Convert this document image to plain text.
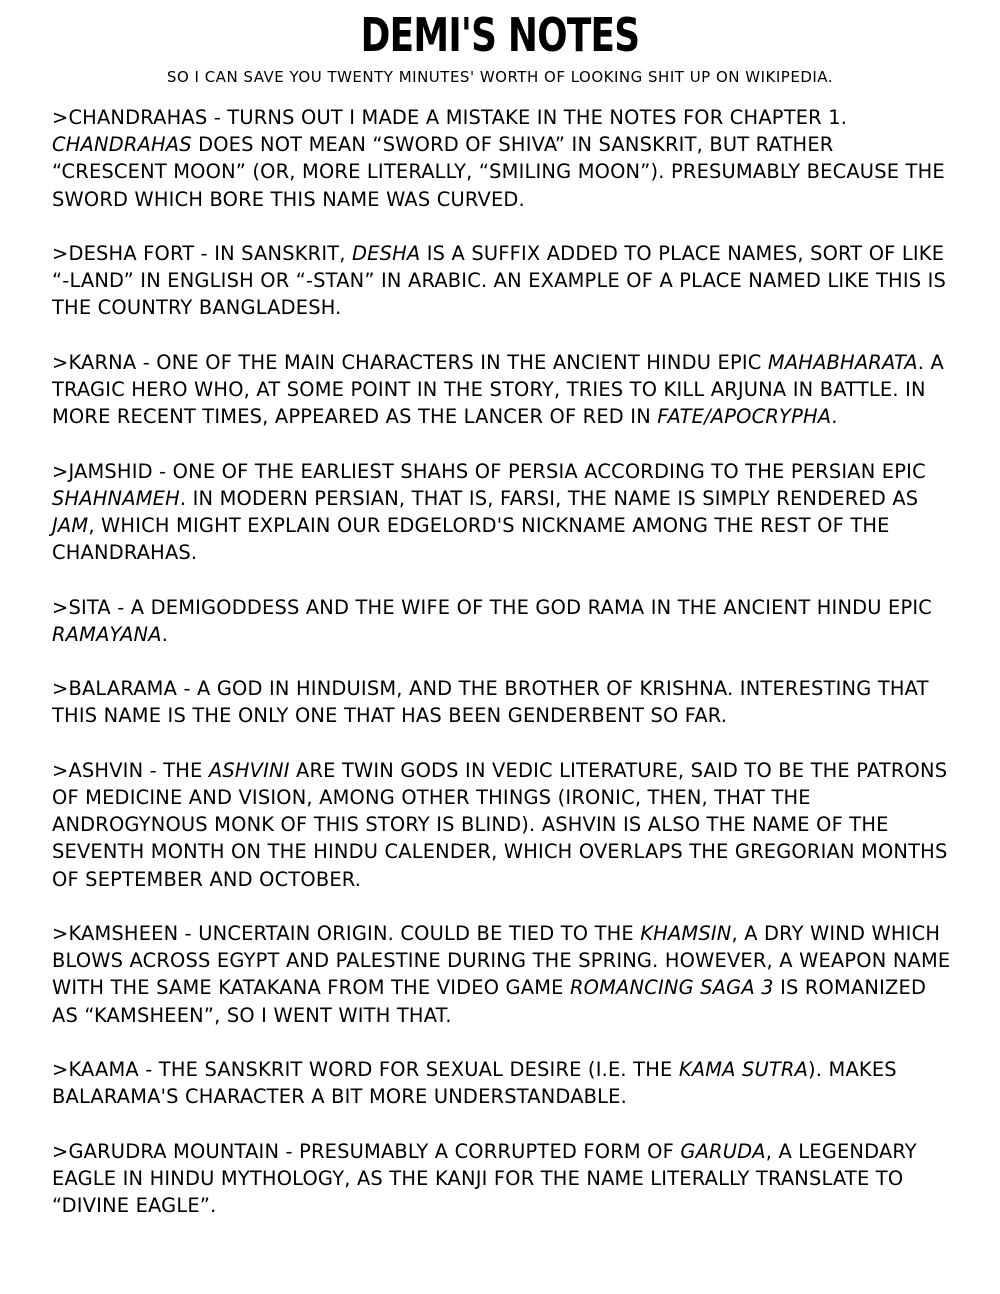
DEMI'S NOTES
SO I CAN SAVE YOU TWENTY MINUTES' WORTH OF LOOKING SHIT UP ON WIKIPEDIA.

>CHANDRAHAS - TURNS OUT I MADE A MISTAKE IN THE NOTES FOR CHAPTER 1. CHANDRAHAS DOES NOT MEAN “SWORD OF SHIVA” IN SANSKRIT, BUT RATHER “CRESCENT MOON” (OR, MORE LITERALLY, “SMILING MOON”). PRESUMABLY BECAUSE THE SWORD WHICH BORE THIS NAME WAS CURVED.

>DESHA FORT - IN SANSKRIT, DESHA IS A SUFFIX ADDED TO PLACE NAMES, SORT OF LIKE “-LAND” IN ENGLISH OR “-STAN” IN ARABIC. AN EXAMPLE OF A PLACE NAMED LIKE THIS IS THE COUNTRY BANGLADESH.

>KARNA - ONE OF THE MAIN CHARACTERS IN THE ANCIENT HINDU EPIC MAHABHARATA. A TRAGIC HERO WHO, AT SOME POINT IN THE STORY, TRIES TO KILL ARJUNA IN BATTLE. IN MORE RECENT TIMES, APPEARED AS THE LANCER OF RED IN FATE/APOCRYPHA.

>JAMSHID - ONE OF THE EARLIEST SHAHS OF PERSIA ACCORDING TO THE PERSIAN EPIC SHAHNAMEH. IN MODERN PERSIAN, THAT IS, FARSI, THE NAME IS SIMPLY RENDERED AS JAM, WHICH MIGHT EXPLAIN OUR EDGELORD'S NICKNAME AMONG THE REST OF THE CHANDRAHAS.

>SITA - A DEMIGODDESS AND THE WIFE OF THE GOD RAMA IN THE ANCIENT HINDU EPIC RAMAYANA.

>BALARAMA - A GOD IN HINDUISM, AND THE BROTHER OF KRISHNA. INTERESTING THAT THIS NAME IS THE ONLY ONE THAT HAS BEEN GENDERBENT SO FAR.

>ASHVIN - THE ASHVINI ARE TWIN GODS IN VEDIC LITERATURE, SAID TO BE THE PATRONS OF MEDICINE AND VISION, AMONG OTHER THINGS (IRONIC, THEN, THAT THE ANDROGYNOUS MONK OF THIS STORY IS BLIND). ASHVIN IS ALSO THE NAME OF THE SEVENTH MONTH ON THE HINDU CALENDER, WHICH OVERLAPS THE GREGORIAN MONTHS OF SEPTEMBER AND OCTOBER.

>KAMSHEEN - UNCERTAIN ORIGIN. COULD BE TIED TO THE KHAMSIN, A DRY WIND WHICH BLOWS ACROSS EGYPT AND PALESTINE DURING THE SPRING. HOWEVER, A WEAPON NAME WITH THE SAME KATAKANA FROM THE VIDEO GAME ROMANCING SAGA 3 IS ROMANIZED AS “KAMSHEEN”, SO I WENT WITH THAT.

>KAAMA - THE SANSKRIT WORD FOR SEXUAL DESIRE (I.E. THE KAMA SUTRA). MAKES BALARAMA'S CHARACTER A BIT MORE UNDERSTANDABLE.

>GARUDRA MOUNTAIN - PRESUMABLY A CORRUPTED FORM OF GARUDA, A LEGENDARY EAGLE IN HINDU MYTHOLOGY, AS THE KANJI FOR THE NAME LITERALLY TRANSLATE TO “DIVINE EAGLE”.
